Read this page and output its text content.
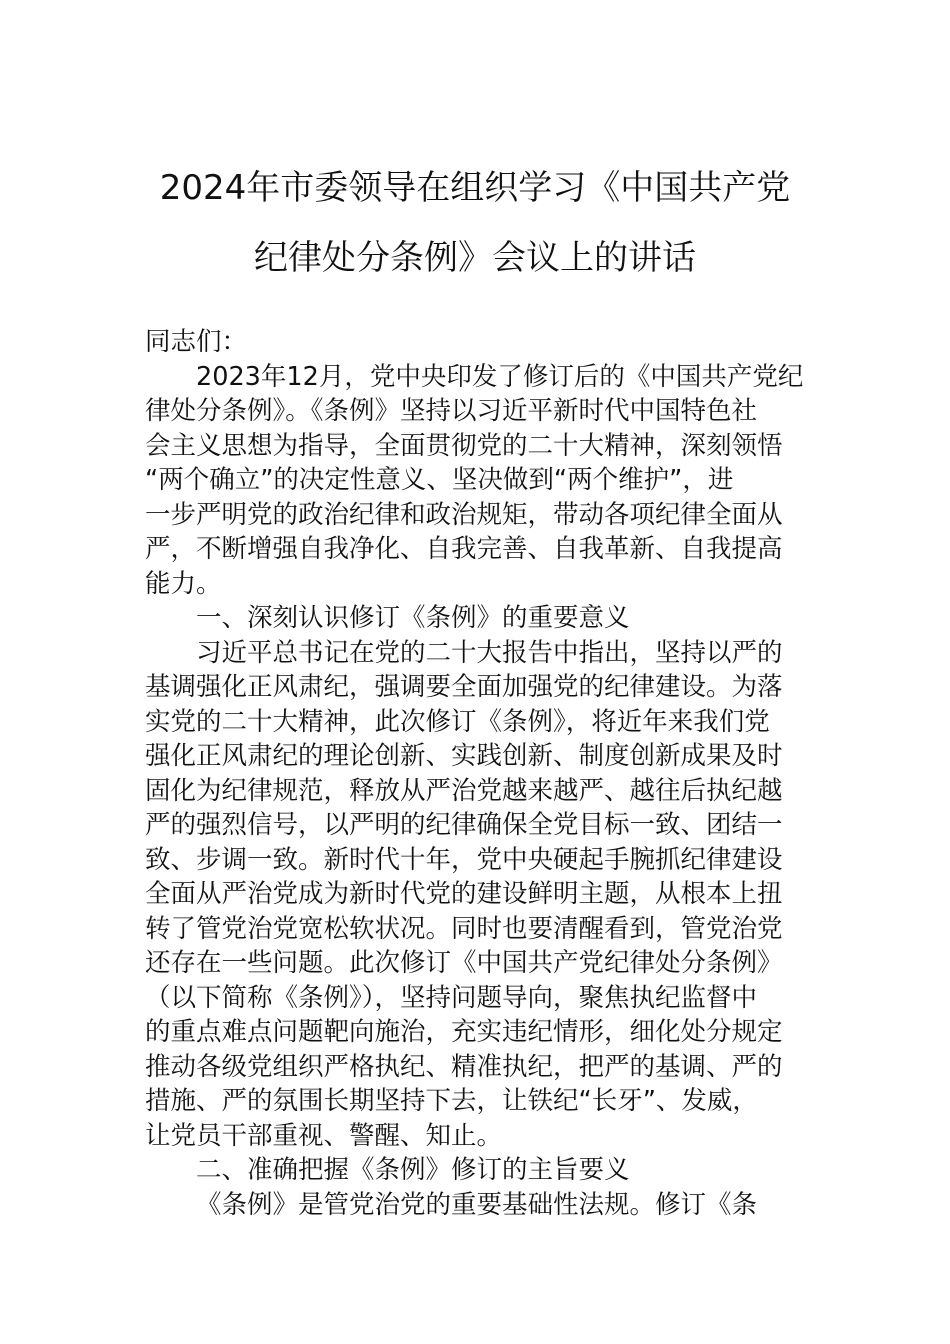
2024年市委领导在组织学习《中国共产党
纪律处分条例》会议上的讲话
同志们：
2023年12月，党中央印发了修订后的《中国共产党纪
律处分条例》。《条例》坚持以习近平新时代中国特色社
会主义思想为指导，全面贯彻党的二十大精神，深刻领悟
“两个确立”的决定性意义、坚决做到“两个维护”，进
一步严明党的政治纪律和政治规矩，带动各项纪律全面从
严，不断增强自我净化、自我完善、自我革新、自我提高
能力。
一、深刻认识修订《条例》的重要意义
习近平总书记在党的二十大报告中指出，坚持以严的
基调强化正风肃纪，强调要全面加强党的纪律建设。为落
实党的二十大精神，此次修订《条例》，将近年来我们党
强化正风肃纪的理论创新、实践创新、制度创新成果及时
固化为纪律规范，释放从严治党越来越严、越往后执纪越
严的强烈信号，以严明的纪律确保全党目标一致、团结一
致、步调一致。新时代十年，党中央硬起手腕抓纪律建设
全面从严治党成为新时代党的建设鲜明主题，从根本上扭
转了管党治党宽松软状况。同时也要清醒看到，管党治党
还存在一些问题。此次修订《中国共产党纪律处分条例》
（以下简称《条例》），坚持问题导向，聚焦执纪监督中
的重点难点问题靶向施治，充实违纪情形，细化处分规定
推动各级党组织严格执纪、精准执纪，把严的基调、严的
措施、严的氛围长期坚持下去，让铁纪“长牙”、发威，
让党员干部重视、警醒、知止。
二、准确把握《条例》修订的主旨要义
《条例》是管党治党的重要基础性法规。修订《条
